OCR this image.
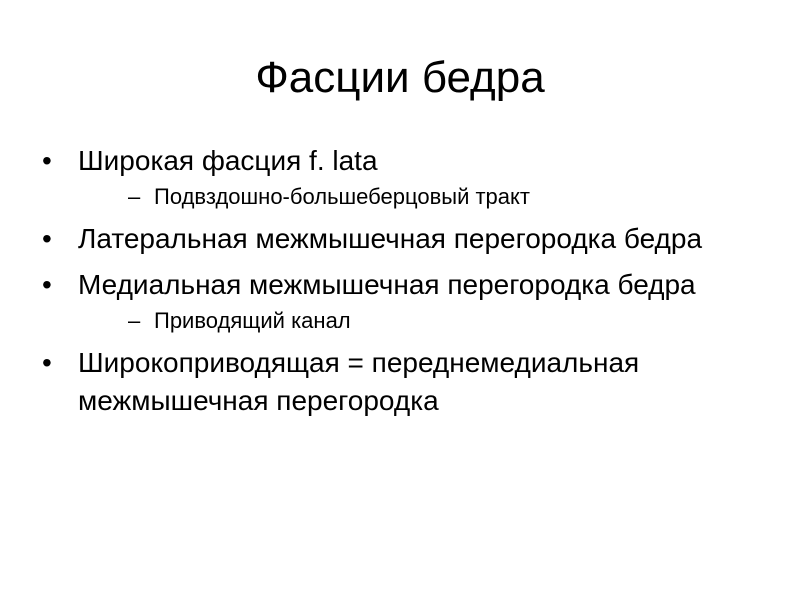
Фасции бедра
• Широкая фасция f. lata
– Подвздошно-большеберцовый тракт
• Латеральная межмышечная перегородка бедра
• Медиальная межмышечная перегородка бедра
– Приводящий канал
• Широкоприводящая = переднемедиальная межмышечная перегородка
